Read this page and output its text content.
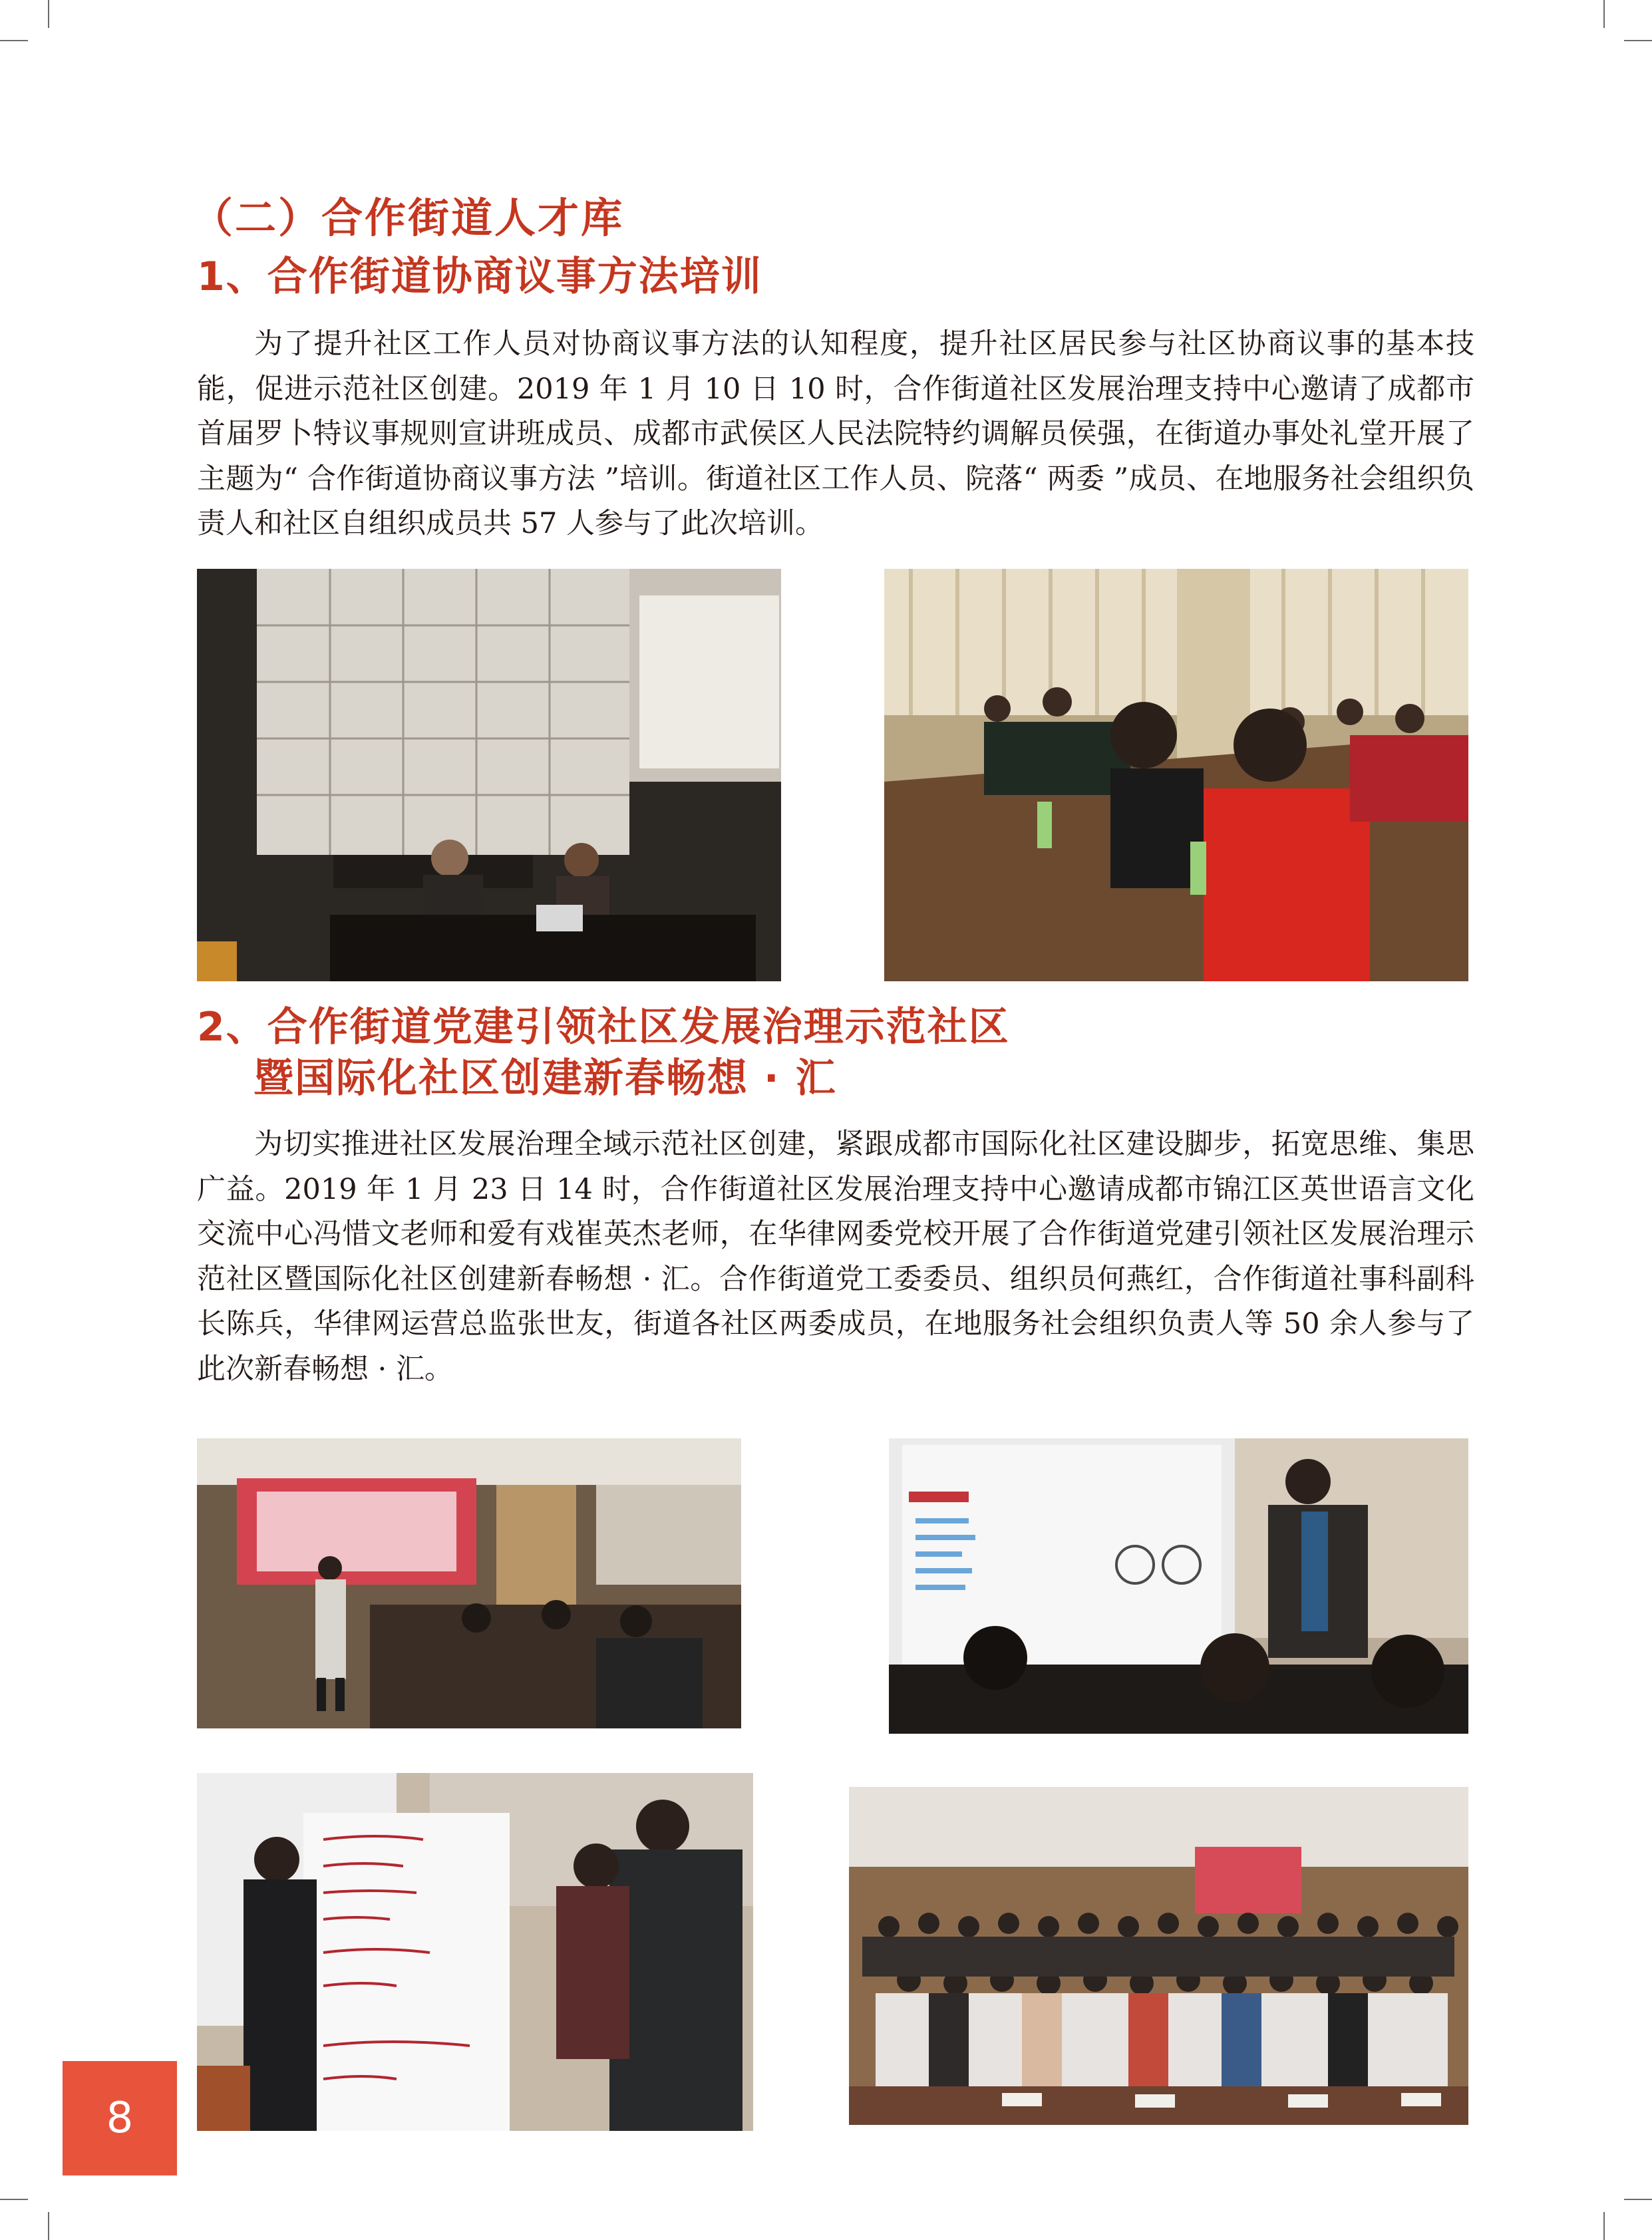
（二）合作街道人才库
1、合作街道协商议事方法培训

为了提升社区工作人员对协商议事方法的认知程度，提升社区居民参与社区协商议事的基本技能，促进示范社区创建。2019 年 1 月 10 日 10 时，合作街道社区发展治理支持中心邀请了成都市首届罗卜特议事规则宣讲班成员、成都市武侯区人民法院特约调解员侯强，在街道办事处礼堂开展了主题为“ 合作街道协商议事方法 ”培训。街道社区工作人员、院落“ 两委 ”成员、在地服务社会组织负责人和社区自组织成员共 57 人参与了此次培训。

2、合作街道党建引领社区发展治理示范社区
暨国际化社区创建新春畅想 · 汇

为切实推进社区发展治理全域示范社区创建，紧跟成都市国际化社区建设脚步，拓宽思维、集思广益。2019 年 1 月 23 日 14 时，合作街道社区发展治理支持中心邀请成都市锦江区英世语言文化交流中心冯惜文老师和爱有戏崔英杰老师，在华律网委党校开展了合作街道党建引领社区发展治理示范社区暨国际化社区创建新春畅想 · 汇。合作街道党工委委员、组织员何燕红，合作街道社事科副科长陈兵，华律网运营总监张世友，街道各社区两委成员，在地服务社会组织负责人等 50 余人参与了此次新春畅想 · 汇。

8
